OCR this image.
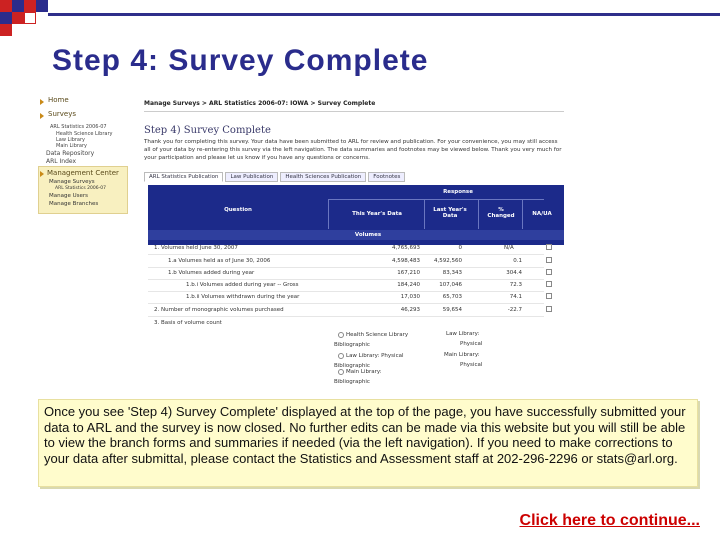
Step 4: Survey Complete
Home
Surveys
ARL Statistics 2006-07
Health Science Library
Law Library
Main Library
Data Repository
ARL Index
Management Center
Manage Surveys
ARL Statistics 2006-07
Manage Users
Manage Branches
Manage Surveys > ARL Statistics 2006-07: IOWA > Survey Complete
Step 4) Survey Complete
Thank you for completing this survey. Your data have been submitted to ARL for review and publication. For your convenience, you may still access all of your data by re-entering this survey via the left navigation. The data summaries and footnotes may be viewed below. Thank you very much for your participation and please let us know if you have any questions or concerns.
ARL Statistics Publication	Law Publication	Health Sciences Publication	Footnotes
Response
Question
This Year's Data
Last Year's Data
% Changed	NA/UA
Volumes
1. Volumes held June 30, 2007	4,765,693	0	N/A
1.a Volumes held as of June 30, 2006	4,598,483	4,592,560	0.1
1.b Volumes added during year	167,210	83,343	304.4
1.b.i Volumes added during year -- Gross	184,240	107,046	72.3
1.b.ii Volumes withdrawn during the year	17,030	65,703	74.1
2. Number of monographic volumes purchased	46,293	59,654	-22.7
3. Basis of volume count
Health Science Library
Bibliographic
Law Library: Physical
Bibliographic
Main Library:
Bibliographic
Law Library:
Physical
Main Library:
Physical
Once you see 'Step 4) Survey Complete' displayed at the top of the page, you have successfully submitted your data to ARL and the survey is now closed. No further edits can be made via this website but you will still be able to view the branch forms and summaries if needed (via the left navigation). If you need to make corrections to your data after submittal, please contact the Statistics and Assessment staff at 202-296-2296 or stats@arl.org.
Click here to continue...
